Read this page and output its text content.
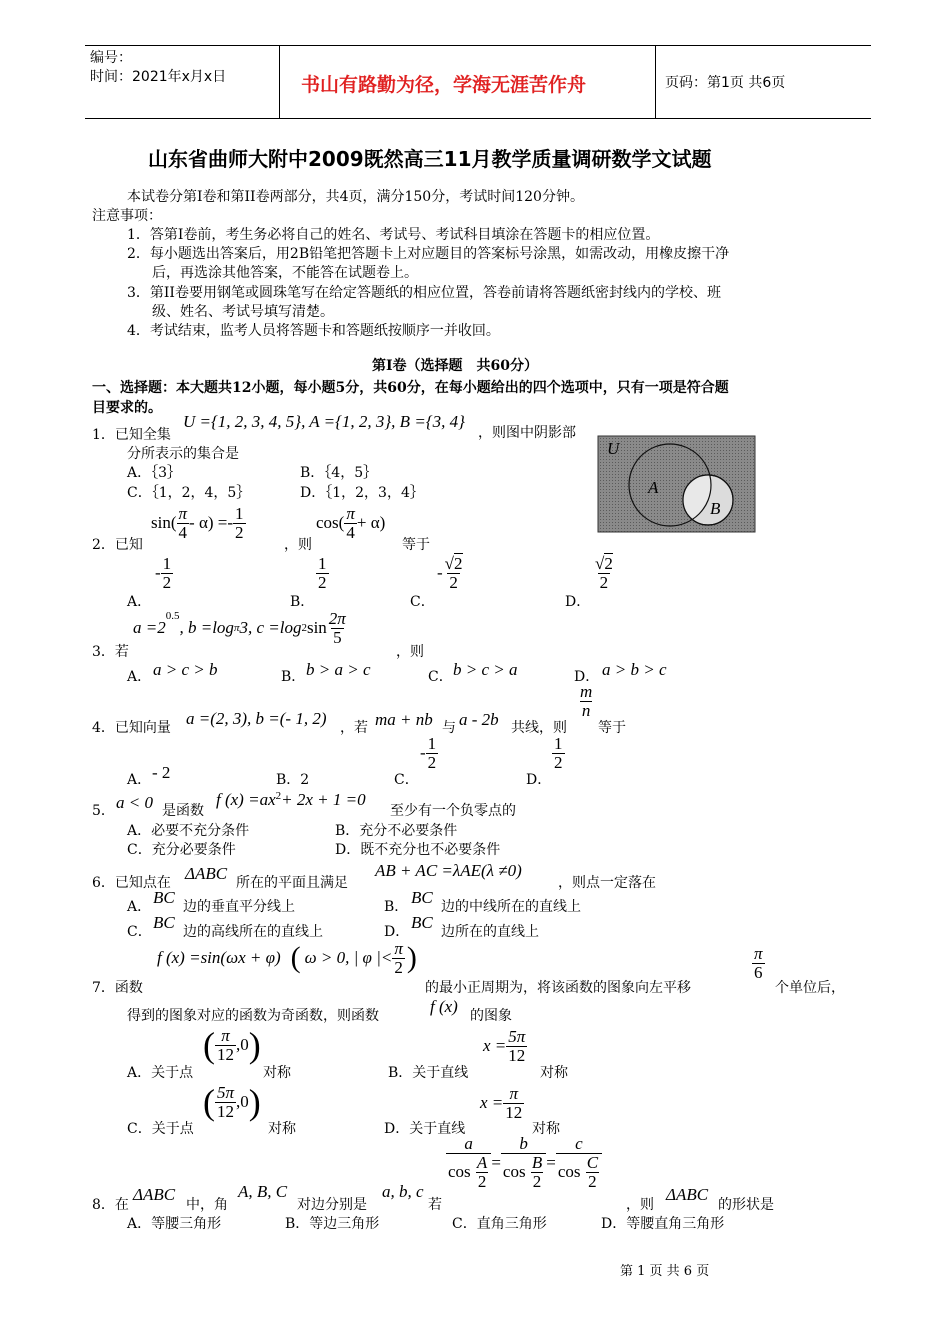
编号：
时间：2021年x月x日	书山有路勤为径，学海无涯苦作舟	页码：第1页 共6页
山东省曲师大附中2009既然高三11月教学质量调研数学文试题
本试卷分第Ⅰ卷和第II卷两部分，共4页，满分150分，考试时间120分钟。
注意事项：
1．答第Ⅰ卷前，考生务必将自己的姓名、考试号、考试科目填涂在答题卡的相应位置。
2．每小题选出答案后，用2B铅笔把答题卡上对应题目的答案标号涂黑，如需改动，用橡皮擦干净
后，再选涂其他答案，不能答在试题卷上。
3．第II卷要用钢笔或圆珠笔写在给定答题纸的相应位置，答卷前请将答题纸密封线内的学校、班
级、姓名、考试号填写清楚。
4．考试结束，监考人员将答题卡和答题纸按顺序一并收回。
第Ⅰ卷（选择题　共60分）
一、选择题：本大题共12小题，每小题5分，共60分，在每小题给出的四个选项中，只有一项是符合题
目要求的。
1．已知全集
U ={1, 2, 3, 4, 5}, A ={1, 2, 3}, B ={3, 4}
，则图中阴影部
分所表示的集合是
A．｛3｝	B．｛4，5｝
C．｛1，2，4，5｝	D．｛1，2，3，4｝
U
A
B
2．已知
$\sin( \frac{\pi}{4} - \alpha) =- \frac{1}{2}$
，则
$\cos( \frac{\pi}{4} + \alpha)$
等于
A．
- $\frac{1}{2}$
B．
$\frac{1}{2}$
C．
- $\frac{√2}{2}$
D．
$\frac{√2}{2}$
3．若
a =2
$^{0.5}$
, b =log π 3, c =log 2 $\sin \frac{2\pi}{5}$
，则
A． a > c > b	B． b > a > c	C． b > c > a	D． a > b > c
4．已知向量 a =(2, 3), b =(- 1, 2) ，若 ma + nb 与 a - 2b 共线，则
$\frac{m}{n}$
等于
A． - 2	B．2	C．
- $\frac{1}{2}$
D．
$\frac{1}{2}$
5． a < 0 是函数
f (x) =ax 2 + 2x + 1 =0
至少有一个负零点的
A．必要不充分条件	B．充分不必要条件
C．充分必要条件	D．既不充分也不必要条件
6．已知点在 ΔABC 所在的平面且满足
AB + AC =λAE(λ ≠0)
，则点一定落在
A． BC 边的垂直平分线上	B． BC 边的中线所在的直线上
C． BC 边的高线所在的直线上	D． BC 边所在的直线上
7．函数
f (x) =sin(ωx + φ) ( ω > 0, | φ |< $\frac{\pi}{2}$ )
的最小正周期为，将该函数的图象向左平移
$\frac{\pi}{6}$
个单位后，
得到的图象对应的函数为奇函数，则函数	f (x) 的图象
A．关于点
( $\frac{\pi}{12}$ , 0 )
对称	B．关于直线
$x = \frac{5\pi}{12}$
对称
C．关于点
( $\frac{5\pi}{12}$ , 0 )
对称	D．关于直线
$x = \frac{\pi}{12}$
对称
8．在
ΔABC
中，角
A, B, C
对边分别是
a, b, c
若
a
cos
$\frac{A}{2} = b$
cos
$\frac{B}{2} = c$
cos
$\frac{C}{2}$
，则
ΔABC
的形状是
A．等腰三角形	B．等边三角形	C．直角三角形	D．等腰直角三角形
第 1 页 共 6 页
